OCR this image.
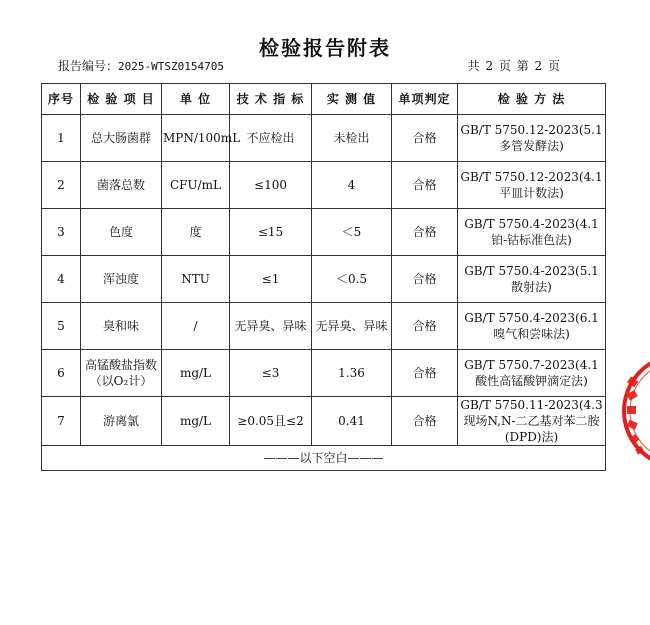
检验报告附表
报告编号：2025-WTSZ0154705	共 2 页 第 2 页
序号	检 验 项 目	单 位	技 术 指 标	实 测 值	单项判定	检 验 方 法
1	总大肠菌群	MPN/100mL	不应检出	未检出	合格	GB/T 5750.12-2023(5.1多管发酵法)
2	菌落总数	CFU/mL	≤100	4	合格	GB/T 5750.12-2023(4.1平皿计数法)
3	色度	度	≤15	＜5	合格	GB/T 5750.4-2023(4.1铂-钴标准色法)
4	浑浊度	NTU	≤1	＜0.5	合格	GB/T 5750.4-2023(5.1散射法)
5	臭和味	/	无异臭、异味	无异臭、异味	合格	GB/T 5750.4-2023(6.1嗅气和尝味法)
6	高锰酸盐指数（以O₂计）	mg/L	≤3	1.36	合格	GB/T 5750.7-2023(4.1酸性高锰酸钾滴定法)
7	游离氯	mg/L	≥0.05且≤2	0.41	合格	GB/T 5750.11-2023(4.3现场N,N-二乙基对苯二胺(DPD)法)
———以下空白———						
